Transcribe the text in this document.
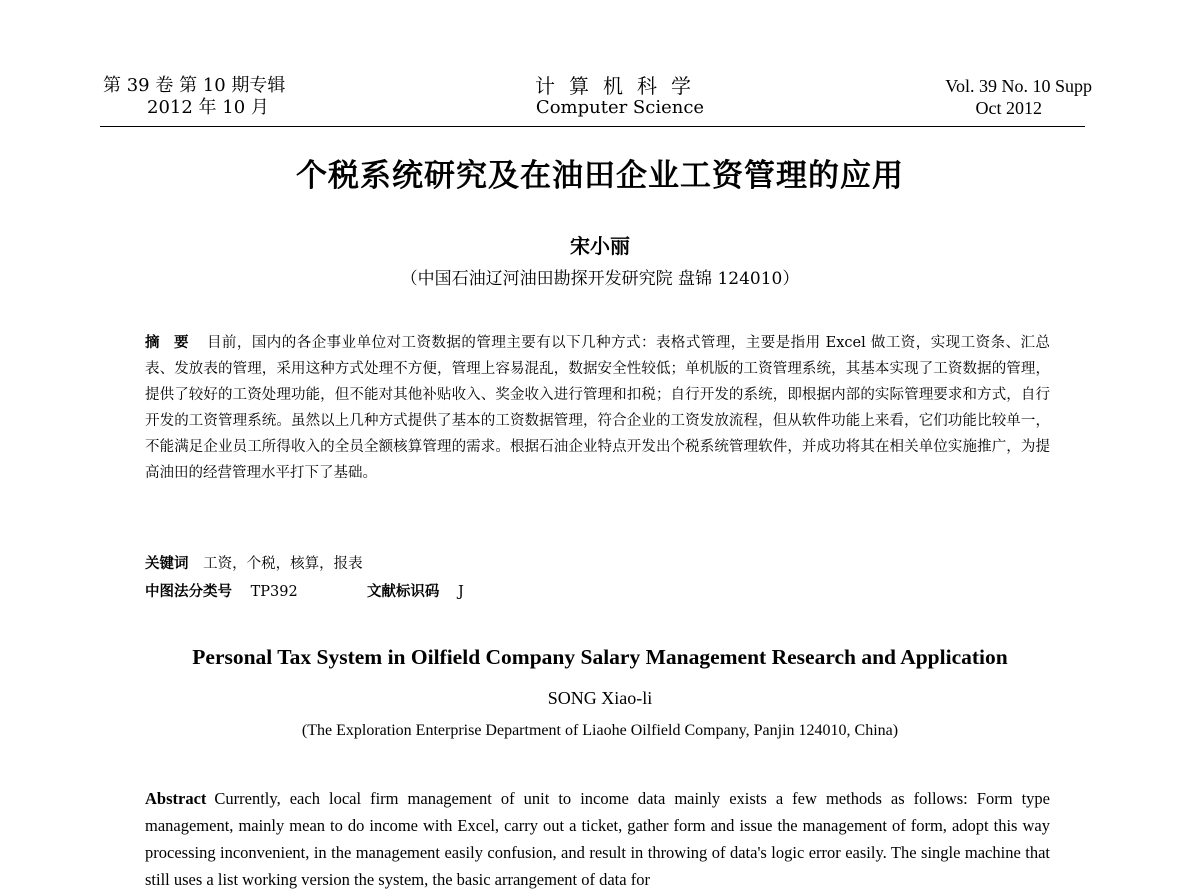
第 39 卷 第 10 期专辑
2012 年 10 月
计算机科学
Computer Science
Vol. 39 No. 10 Supp
Oct 2012
个税系统研究及在油田企业工资管理的应用
宋小丽
（中国石油辽河油田勘探开发研究院 盘锦 124010）
摘要 目前，国内的各企事业单位对工资数据的管理主要有以下几种方式：表格式管理，主要是指用 Excel 做工资，实现工资条、汇总表、发放表的管理，采用这种方式处理不方便，管理上容易混乱，数据安全性较低；单机版的工资管理系统，其基本实现了工资数据的管理，提供了较好的工资处理功能，但不能对其他补贴收入、奖金收入进行管理和扣税；自行开发的系统，即根据内部的实际管理要求和方式，自行开发的工资管理系统。虽然以上几种方式提供了基本的工资数据管理，符合企业的工资发放流程，但从软件功能上来看，它们功能比较单一，不能满足企业员工所得收入的全员全额核算管理的需求。根据石油企业特点开发出个税系统管理软件，并成功将其在相关单位实施推广，为提高油田的经营管理水平打下了基础。
关键词 工资，个税，核算，报表
中图法分类号 TP392	文献标识码 J
Personal Tax System in Oilfield Company Salary Management Research and Application
SONG Xiao-li
(The Exploration Enterprise Department of Liaohe Oilfield Company, Panjin 124010, China)
Abstract Currently, each local firm management of unit to income data mainly exists a few methods as follows: Form type management, mainly mean to do income with Excel, carry out a ticket, gather form and issue the management of form, adopt this way processing inconvenient, in the management easily confusion, and result in throwing of data's logic error easily. The single machine that still uses a list working version the system, the basic arrangement of data for
